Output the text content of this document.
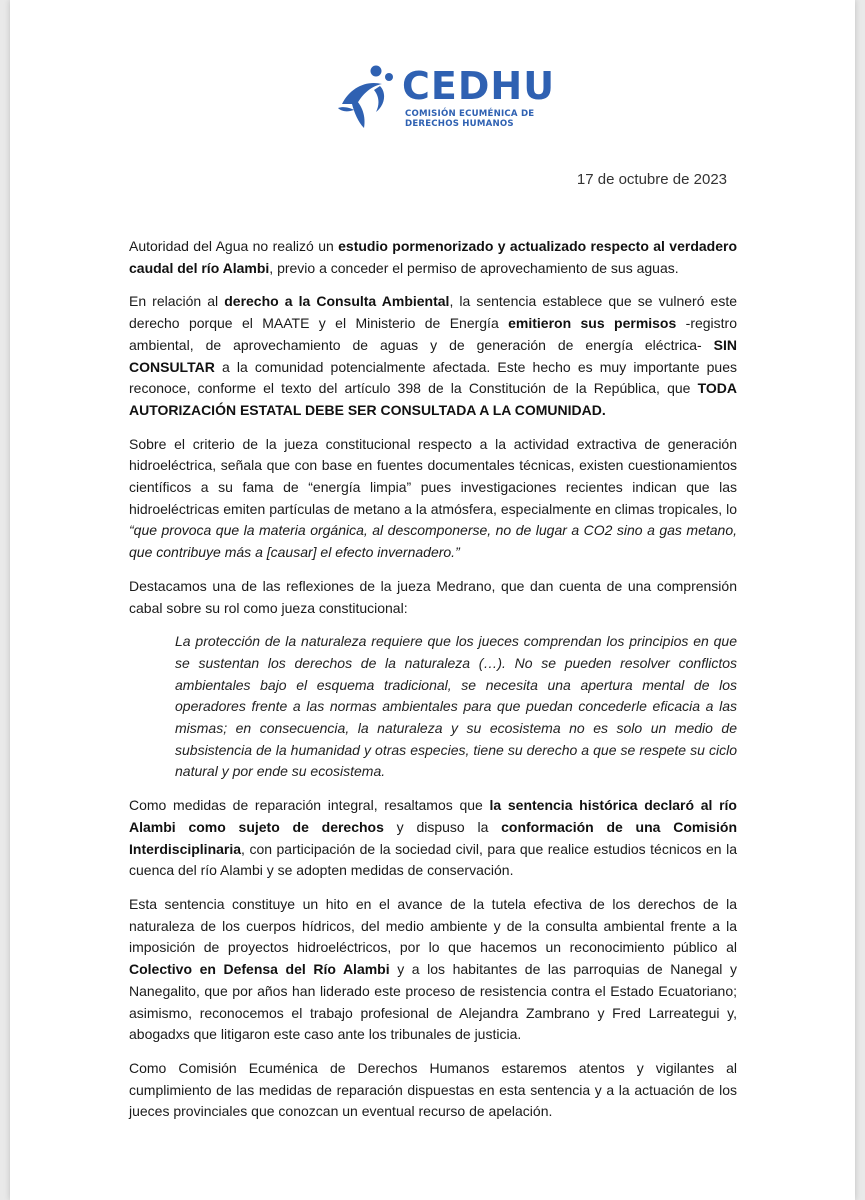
CEDHU
COMISIÓN ECUMÉNICA DE
DERECHOS HUMANOS
17 de octubre de 2023

Autoridad del Agua no realizó un estudio pormenorizado y actualizado respecto al verdadero caudal del río Alambi, previo a conceder el permiso de aprovechamiento de sus aguas.

En relación al derecho a la Consulta Ambiental, la sentencia establece que se vulneró este derecho porque el MAATE y el Ministerio de Energía emitieron sus permisos -registro ambiental, de aprovechamiento de aguas y de generación de energía eléctrica- SIN CONSULTAR a la comunidad potencialmente afectada. Este hecho es muy importante pues reconoce, conforme el texto del artículo 398 de la Constitución de la República, que TODA AUTORIZACIÓN ESTATAL DEBE SER CONSULTADA A LA COMUNIDAD.

Sobre el criterio de la jueza constitucional respecto a la actividad extractiva de generación hidroeléctrica, señala que con base en fuentes documentales técnicas, existen cuestionamientos científicos a su fama de “energía limpia” pues investigaciones recientes indican que las hidroeléctricas emiten partículas de metano a la atmósfera, especialmente en climas tropicales, lo “que provoca que la materia orgánica, al descomponerse, no de lugar a CO2 sino a gas metano, que contribuye más a [causar] el efecto invernadero.”

Destacamos una de las reflexiones de la jueza Medrano, que dan cuenta de una comprensión cabal sobre su rol como jueza constitucional:

La protección de la naturaleza requiere que los jueces comprendan los principios en que se sustentan los derechos de la naturaleza (…). No se pueden resolver conflictos ambientales bajo el esquema tradicional, se necesita una apertura mental de los operadores frente a las normas ambientales para que puedan concederle eficacia a las mismas; en consecuencia, la naturaleza y su ecosistema no es solo un medio de subsistencia de la humanidad y otras especies, tiene su derecho a que se respete su ciclo natural y por ende su ecosistema.

Como medidas de reparación integral, resaltamos que la sentencia histórica declaró al río Alambi como sujeto de derechos y dispuso la conformación de una Comisión Interdisciplinaria, con participación de la sociedad civil, para que realice estudios técnicos en la cuenca del río Alambi y se adopten medidas de conservación.

Esta sentencia constituye un hito en el avance de la tutela efectiva de los derechos de la naturaleza de los cuerpos hídricos, del medio ambiente y de la consulta ambiental frente a la imposición de proyectos hidroeléctricos, por lo que hacemos un reconocimiento público al Colectivo en Defensa del Río Alambi y a los habitantes de las parroquias de Nanegal y Nanegalito, que por años han liderado este proceso de resistencia contra el Estado Ecuatoriano; asimismo, reconocemos el trabajo profesional de Alejandra Zambrano y Fred Larreategui y, abogadxs que litigaron este caso ante los tribunales de justicia.

Como Comisión Ecuménica de Derechos Humanos estaremos atentos y vigilantes al cumplimiento de las medidas de reparación dispuestas en esta sentencia y a la actuación de los jueces provinciales que conozcan un eventual recurso de apelación.
